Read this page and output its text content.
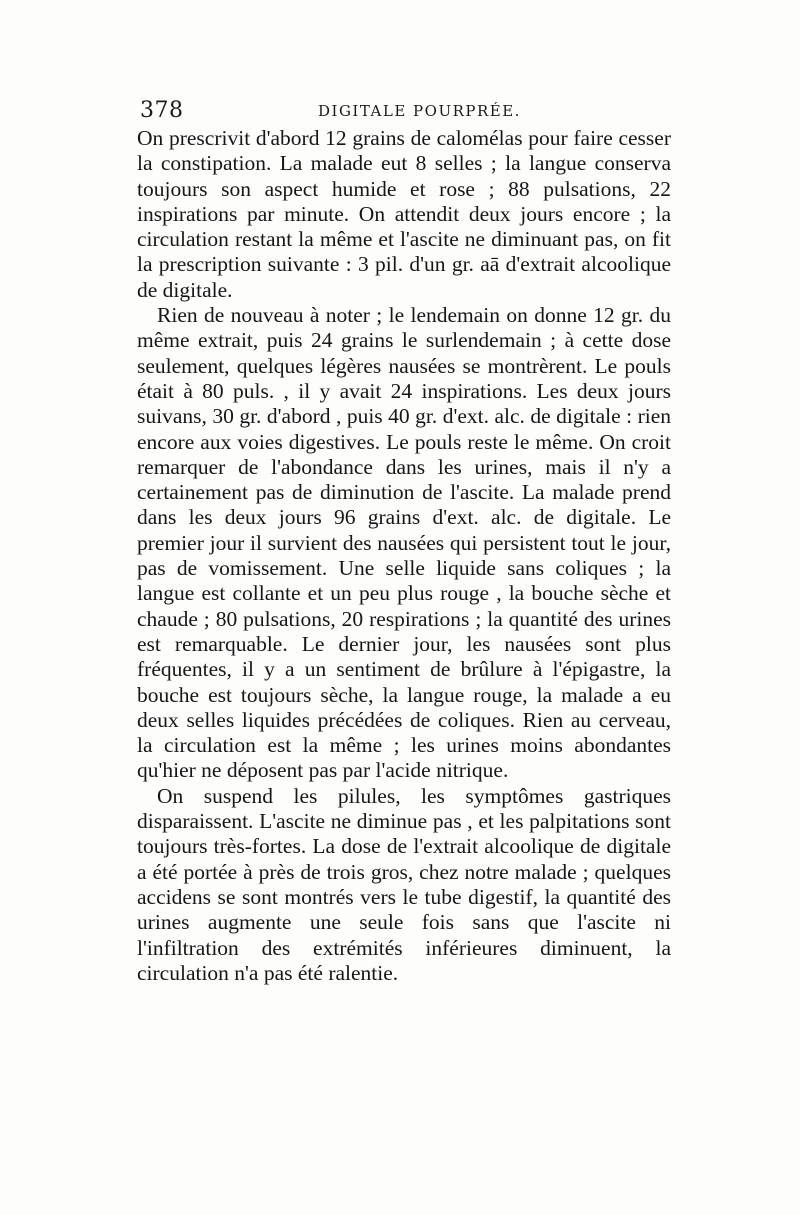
378	DIGITALE POURPRÉE.

On prescrivit d'abord 12 grains de calomélas pour faire cesser la constipation. La malade eut 8 selles ; la langue conserva toujours son aspect humide et rose ; 88 pulsations, 22 inspirations par minute. On attendit deux jours encore ; la circulation restant la même et l'ascite ne diminuant pas, on fit la prescription suivante : 3 pil. d'un gr. aā d'extrait alcoolique de digitale.

Rien de nouveau à noter ; le lendemain on donne 12 gr. du même extrait, puis 24 grains le surlendemain ; à cette dose seulement, quelques légères nausées se montrèrent. Le pouls était à 80 puls. , il y avait 24 inspirations. Les deux jours suivans, 30 gr. d'abord , puis 40 gr. d'ext. alc. de digitale : rien encore aux voies digestives. Le pouls reste le même. On croit remarquer de l'abondance dans les urines, mais il n'y a certainement pas de diminution de l'ascite. La malade prend dans les deux jours 96 grains d'ext. alc. de digitale. Le premier jour il survient des nausées qui persistent tout le jour, pas de vomissement. Une selle liquide sans coliques ; la langue est collante et un peu plus rouge , la bouche sèche et chaude ; 80 pulsations, 20 respirations ; la quantité des urines est remarquable. Le dernier jour, les nausées sont plus fréquentes, il y a un sentiment de brûlure à l'épigastre, la bouche est toujours sèche, la langue rouge, la malade a eu deux selles liquides précédées de coliques. Rien au cerveau, la circulation est la même ; les urines moins abondantes qu'hier ne déposent pas par l'acide nitrique.

On suspend les pilules, les symptômes gastriques disparaissent. L'ascite ne diminue pas , et les palpitations sont toujours très-fortes. La dose de l'extrait alcoolique de digitale a été portée à près de trois gros, chez notre malade ; quelques accidens se sont montrés vers le tube digestif, la quantité des urines augmente une seule fois sans que l'ascite ni l'infiltration des extrémités inférieures diminuent, la circulation n'a pas été ralentie.
